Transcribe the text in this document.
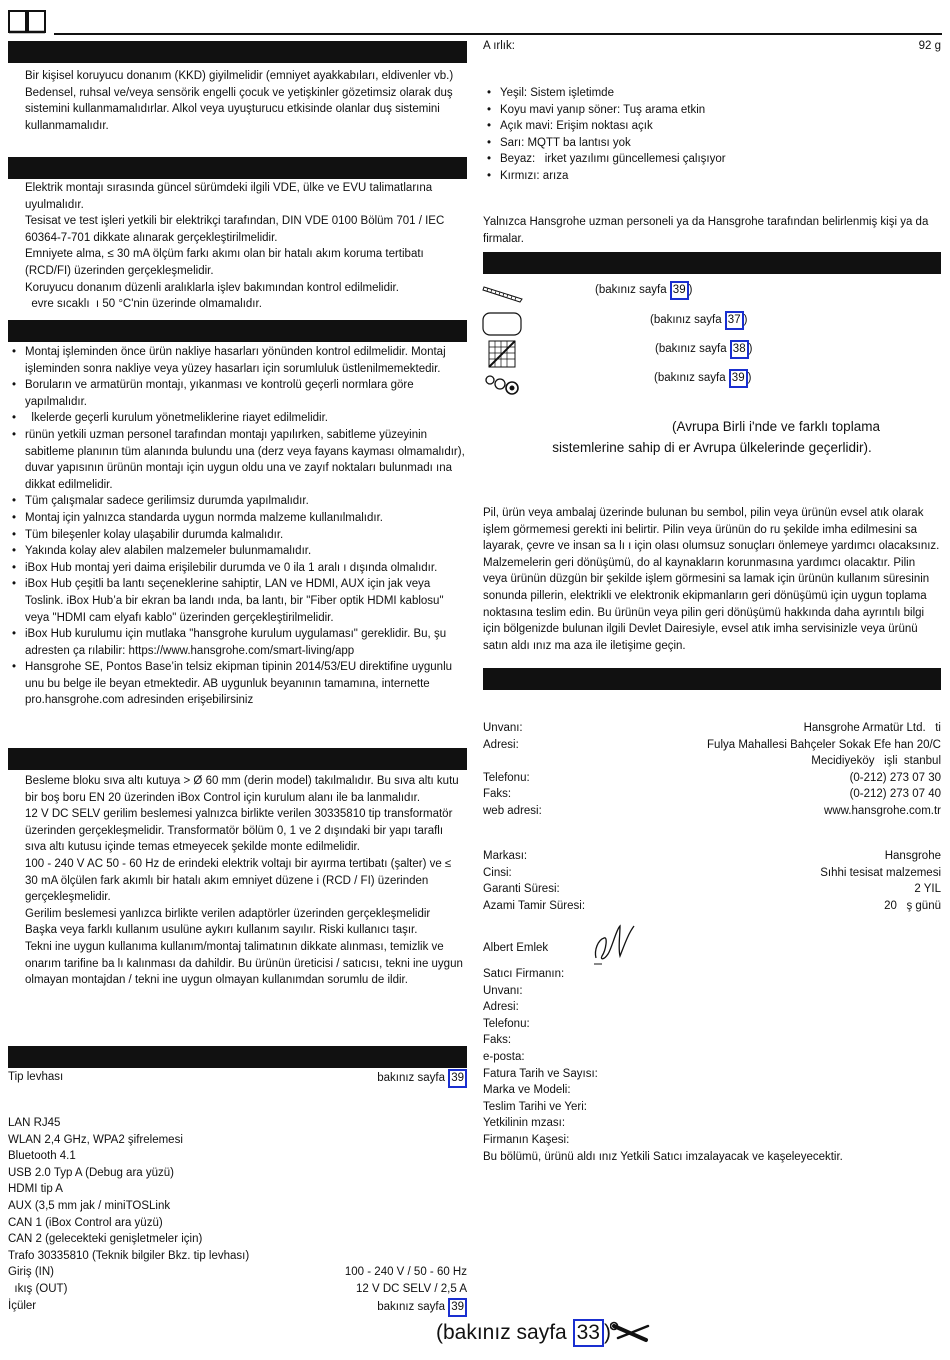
Bir kişisel koruyucu donanım (KKD) giyilmelidir (emniyet ayakkabıları, eldivenler vb.)

Bedensel, ruhsal ve/veya sensörik engelli çocuk ve yetişkinler gözetimsiz olarak duş sistemini kullanmamalıdırlar. Alkol veya uyuşturucu etkisinde olanlar duş sistemini kullanmamalıdır.

Elektrik montajı sırasında güncel sürümdeki ilgili VDE, ülke ve EVU talimatlarına uyulmalıdır.

Tesisat ve test işleri yetkili bir elektrikçi tarafından, DIN VDE 0100 Bölüm 701 / IEC 60364-7-701 dikkate alınarak gerçekleştirilmelidir.

Emniyete alma, ≤ 30 mA ölçüm farkı akımı olan bir hatalı akım koruma tertibatı (RCD/FI) üzerinden gerçekleşmelidir.

Koruyucu donanım düzenli aralıklarla işlev bakımından kontrol edilmelidir.

evre sıcaklı  ı 50 °C'nin üzerinde olmamalıdır.

• Montaj işleminden önce ürün nakliye hasarları yönünden kontrol edilmelidir. Montaj işleminden sonra nakliye veya yüzey hasarları için sorumluluk üstlenilmemektedir.
• Boruların ve armatürün montajı, yıkanması ve kontrolü geçerli normlara göre yapılmalıdır.
•   lkelerde geçerli kurulum yönetmeliklerine riayet edilmelidir.
• rünün yetkili uzman personel tarafından montajı yapılırken, sabitleme yüzeyinin sabitleme planının tüm alanında bulundu una (derz veya fayans kayması olmamalıdır), duvar yapısının ürünün montajı için uygun oldu una ve zayıf noktaları bulunmadı ına dikkat edilmelidir.
• Tüm çalışmalar sadece gerilimsiz durumda yapılmalıdır.
• Montaj için yalnızca standarda uygun normda malzeme kullanılmalıdır.
• Tüm bileşenler kolay ulaşabilir durumda kalmalıdır.
• Yakında kolay alev alabilen malzemeler bulunmamalıdır.
• iBox Hub montaj yeri daima erişilebilir durumda ve 0 ila 1 aralı ı dışında olmalıdır.
• iBox Hub çeşitli ba lantı seçeneklerine sahiptir, LAN ve HDMI, AUX için jak veya Toslink. iBox Hub’a bir ekran ba landı ında, ba lantı, bir "Fiber optik HDMI kablosu" veya "HDMI cam elyafı kablo" üzerinden gerçekleştirilmelidir.
• iBox Hub kurulumu için mutlaka "hansgrohe kurulum uygulaması" gereklidir. Bu, şu adresten ça rılabilir: https://www.hansgrohe.com/smart-living/app
• Hansgrohe SE, Pontos Base’in telsiz ekipman tipinin 2014/53/EU direktifine uygunlu unu bu belge ile beyan etmektedir. AB uygunluk beyanının tamamına, internette pro.hansgrohe.com adresinden erişebilirsiniz

Besleme bloku sıva altı kutuya > Ø 60 mm (derin model) takılmalıdır. Bu sıva altı kutu bir boş boru EN 20 üzerinden iBox Control için kurulum alanı ile ba lanmalıdır.

12 V DC SELV gerilim beslemesi yalnızca birlikte verilen 30335810 tip transformatör üzerinden gerçekleşmelidir. Transformatör bölüm 0, 1 ve 2 dışındaki bir yapı taraflı sıva altı kutusu içinde temas etmeyecek şekilde monte edilmelidir.

100 - 240 V AC 50 - 60 Hz de erindeki elektrik voltajı bir ayırma tertibatı (şalter) ve ≤ 30 mA ölçülen fark akımlı bir hatalı akım emniyet düzene i (RCD / FI) üzerinden gerçekleşmelidir.

Gerilim beslemesi yanlızca birlikte verilen adaptörler üzerinden gerçekleşmelidir

Başka veya farklı kullanım usulüne aykırı kullanım sayılır. Riski kullanıcı taşır.

Tekni ine uygun kullanıma kullanım/montaj talimatının dikkate alınması, temizlik ve onarım tarifine ba lı kalınması da dahildir. Bu ürünün üreticisi / satıcısı, tekni ine uygun olmayan montajdan / tekni ine uygun olmayan kullanımdan sorumlu de ildir.

Tip levhası	bakınız sayfa 39
LAN RJ45
WLAN 2,4 GHz, WPA2 şifrelemesi
Bluetooth 4.1
USB 2.0 Typ A (Debug ara yüzü)
HDMI tip A
AUX (3,5 mm jak / miniTOSLink
CAN 1 (iBox Control ara yüzü)
CAN 2 (gelecekteki genişletmeler için)
Trafo 30335810 (Teknik bilgiler Bkz. tip levhası)
Giriş (IN)	100 - 240 V / 50 - 60 Hz
ıkış (OUT)	12 V DC SELV / 2,5 A
İçüler	bakınız sayfa 39
(bakınız sayfa 33 )
A ırlık:	92 g
• Yeşil: Sistem işletimde
• Koyu mavi yanıp söner: Tuş arama etkin
• Açık mavi: Erişim noktası açık
• Sarı: MQTT ba lantısı yok
• Beyaz:   irket yazılımı güncellemesi çalışıyor
• Kırmızı: arıza
Yalnızca Hansgrohe uzman personeli ya da Hansgrohe tarafından belirlenmiş kişi ya da firmalar.
(bakınız sayfa 39 )
(bakınız sayfa 37 )
(bakınız sayfa 38 )
(bakınız sayfa 39 )
(Avrupa Birli i'nde ve farklı toplama
sistemlerine sahip di er Avrupa ülkelerinde geçerlidir).
Pil, ürün veya ambalaj üzerinde bulunan bu sembol, pilin veya ürünün evsel atık olarak işlem görmemesi gerekti ini belirtir. Pilin veya ürünün do ru şekilde imha edilmesini sa layarak, çevre ve insan sa lı ı için olası olumsuz sonuçları önlemeye yardımcı olacaksınız. Malzemelerin geri dönüşümü, do al kaynakların korunmasına yardımcı olacaktır. Pilin veya ürünün düzgün bir şekilde işlem görmesini sa lamak için ürünün kullanım süresinin sonunda pillerin, elektrikli ve elektronik ekipmanların geri dönüşümü için uygun toplama noktasına teslim edin. Bu ürünün veya pilin geri dönüşümü hakkında daha ayrıntılı bilgi için bölgenizde bulunan ilgili Devlet Dairesiyle, evsel atık imha servisinizle veya ürünü satın aldı ınız ma aza ile iletişime geçin.
Unvanı:	Hansgrohe Armatür Ltd.   ti
Adresi:	Fulya Mahallesi Bahçeler Sokak Efe han 20/C
Mecidiyeköy   işli  stanbul
Telefonu:	(0-212) 273 07 30
Faks:	(0-212) 273 07 40
web adresi:	www.hansgrohe.com.tr
Markası:	Hansgrohe
Cinsi:	Sıhhi tesisat malzemesi
Garanti Süresi:	2 YIL
Azami Tamir Süresi:	20   ş günü
Albert Emlek
Satıcı Firmanın:
Unvanı:
Adresi:
Telefonu:
Faks:
e-posta:
Fatura Tarih ve Sayısı:
Marka ve Modeli:
Teslim Tarihi ve Yeri:
Yetkilinin mzası:
Firmanın Kaşesi:
Bu bölümü, ürünü aldı ınız Yetkili Satıcı imzalayacak ve kaşeleyecektir.
